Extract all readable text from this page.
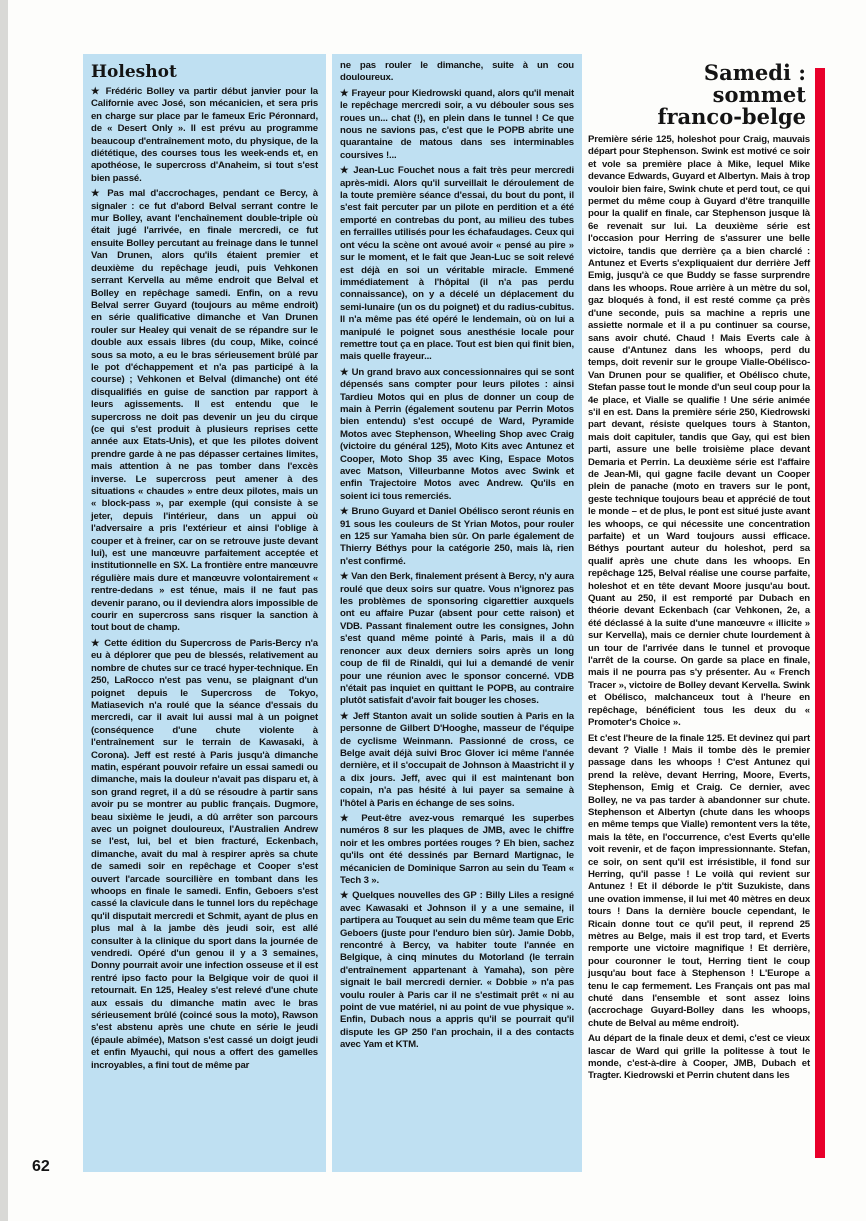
Holeshot

★ Frédéric Bolley va partir début janvier pour la Californie avec José, son mécanicien, et sera pris en charge sur place par le fameux Eric Péronnard, de « Desert Only ». Il est prévu au programme beaucoup d'entraînement moto, du physique, de la diététique, des courses tous les week-ends et, en apothéose, le supercross d'Anaheim, si tout s'est bien passé.

★ Pas mal d'accrochages, pendant ce Bercy, à signaler : ce fut d'abord Belval serrant contre le mur Bolley, avant l'enchaînement double-triple où était jugé l'arrivée, en finale mercredi, ce fut ensuite Bolley percutant au freinage dans le tunnel Van Drunen, alors qu'ils étaient premier et deuxième du repêchage jeudi, puis Vehkonen serrant Kervella au même endroit que Belval et Bolley en repêchage samedi. Enfin, on a revu Belval serrer Guyard (toujours au même endroit) en série qualificative dimanche et Van Drunen rouler sur Healey qui venait de se répandre sur le double aux essais libres (du coup, Mike, coincé sous sa moto, a eu le bras sérieusement brûlé par le pot d'échappement et n'a pas participé à la course) ; Vehkonen et Belval (dimanche) ont été disqualifiés en guise de sanction par rapport à leurs agissements. Il est entendu que le supercross ne doit pas devenir un jeu du cirque (ce qui s'est produit à plusieurs reprises cette année aux Etats-Unis), et que les pilotes doivent prendre garde à ne pas dépasser certaines limites, mais attention à ne pas tomber dans l'excès inverse. Le supercross peut amener à des situations « chaudes » entre deux pilotes, mais un « block-pass », par exemple (qui consiste à se jeter, depuis l'intérieur, dans un appui où l'adversaire a pris l'extérieur et ainsi l'oblige à couper et à freiner, car on se retrouve juste devant lui), est une manœuvre parfaitement acceptée et institutionnelle en SX. La frontière entre manœuvre régulière mais dure et manœuvre volontairement « rentre-dedans » est ténue, mais il ne faut pas devenir parano, ou il deviendra alors impossible de courir en supercross sans risquer la sanction à tout bout de champ.

★ Cette édition du Supercross de Paris-Bercy n'a eu à déplorer que peu de blessés, relativement au nombre de chutes sur ce tracé hyper-technique. En 250, LaRocco n'est pas venu, se plaignant d'un poignet depuis le Supercross de Tokyo, Matiasevich n'a roulé que la séance d'essais du mercredi, car il avait lui aussi mal à un poignet (conséquence d'une chute violente à l'entraînement sur le terrain de Kawasaki, à Corona). Jeff est resté à Paris jusqu'à dimanche matin, espérant pouvoir refaire un essai samedi ou dimanche, mais la douleur n'avait pas disparu et, à son grand regret, il a dû se résoudre à partir sans avoir pu se montrer au public français. Dugmore, beau sixième le jeudi, a dû arrêter son parcours avec un poignet douloureux, l'Australien Andrew se l'est, lui, bel et bien fracturé, Eckenbach, dimanche, avait du mal à respirer après sa chute de samedi soir en repêchage et Cooper s'est ouvert l'arcade sourcilière en tombant dans les whoops en finale le samedi. Enfin, Geboers s'est cassé la clavicule dans le tunnel lors du repêchage qu'il disputait mercredi et Schmit, ayant de plus en plus mal à la jambe dès jeudi soir, est allé consulter à la clinique du sport dans la journée de vendredi. Opéré d'un genou il y a 3 semaines, Donny pourrait avoir une infection osseuse et il est rentré ipso facto pour la Belgique voir de quoi il retournait. En 125, Healey s'est relevé d'une chute aux essais du dimanche matin avec le bras sérieusement brûlé (coincé sous la moto), Rawson s'est abstenu après une chute en série le jeudi (épaule abîmée), Matson s'est cassé un doigt jeudi et enfin Myauchi, qui nous a offert des gamelles incroyables, a fini tout de même par

ne pas rouler le dimanche, suite à un cou douloureux.

★ Frayeur pour Kiedrowski quand, alors qu'il menait le repêchage mercredi soir, a vu débouler sous ses roues un... chat (!), en plein dans le tunnel ! Ce que nous ne savions pas, c'est que le POPB abrite une quarantaine de matous dans ses interminables coursives !...

★ Jean-Luc Fouchet nous a fait très peur mercredi après-midi. Alors qu'il surveillait le déroulement de la toute première séance d'essai, du bout du pont, il s'est fait percuter par un pilote en perdition et a été emporté en contrebas du pont, au milieu des tubes en ferrailles utilisés pour les échafaudages. Ceux qui ont vécu la scène ont avoué avoir « pensé au pire » sur le moment, et le fait que Jean-Luc se soit relevé est déjà en soi un véritable miracle. Emmené immédiatement à l'hôpital (il n'a pas perdu connaissance), on y a décelé un déplacement du semi-lunaire (un os du poignet) et du radius-cubitus. Il n'a même pas été opéré le lendemain, où on lui a manipulé le poignet sous anesthésie locale pour remettre tout ça en place. Tout est bien qui finit bien, mais quelle frayeur...

★ Un grand bravo aux concessionnaires qui se sont dépensés sans compter pour leurs pilotes : ainsi Tardieu Motos qui en plus de donner un coup de main à Perrin (également soutenu par Perrin Motos bien entendu) s'est occupé de Ward, Pyramide Motos avec Stephenson, Wheeling Shop avec Craig (victoire du général 125), Moto Kits avec Antunez et Cooper, Moto Shop 35 avec King, Espace Motos avec Matson, Villeurbanne Motos avec Swink et enfin Trajectoire Motos avec Andrew. Qu'ils en soient ici tous remerciés.

★ Bruno Guyard et Daniel Obélisco seront réunis en 91 sous les couleurs de St Yrian Motos, pour rouler en 125 sur Yamaha bien sûr. On parle également de Thierry Béthys pour la catégorie 250, mais là, rien n'est confirmé.

★ Van den Berk, finalement présent à Bercy, n'y aura roulé que deux soirs sur quatre. Vous n'ignorez pas les problèmes de sponsoring cigarettier auxquels ont eu affaire Puzar (absent pour cette raison) et VDB. Passant finalement outre les consignes, John s'est quand même pointé à Paris, mais il a dû renoncer aux deux derniers soirs après un long coup de fil de Rinaldi, qui lui a demandé de venir pour une réunion avec le sponsor concerné. VDB n'était pas inquiet en quittant le POPB, au contraire plutôt satisfait d'avoir fait bouger les choses.

★ Jeff Stanton avait un solide soutien à Paris en la personne de Gilbert D'Hooghe, masseur de l'équipe de cyclisme Weinmann. Passionné de cross, ce Belge avait déjà suivi Broc Glover ici même l'année dernière, et il s'occupait de Johnson à Maastricht il y a dix jours. Jeff, avec qui il est maintenant bon copain, n'a pas hésité à lui payer sa semaine à l'hôtel à Paris en échange de ses soins.

★ Peut-être avez-vous remarqué les superbes numéros 8 sur les plaques de JMB, avec le chiffre noir et les ombres portées rouges ? Eh bien, sachez qu'ils ont été dessinés par Bernard Martignac, le mécanicien de Dominique Sarron au sein du Team « Tech 3 ».

★ Quelques nouvelles des GP : Billy Liles a resigné avec Kawasaki et Johnson il y a une semaine, il partipera au Touquet au sein du même team que Eric Geboers (juste pour l'enduro bien sûr). Jamie Dobb, rencontré à Bercy, va habiter toute l'année en Belgique, à cinq minutes du Motorland (le terrain d'entraînement appartenant à Yamaha), son père signait le bail mercredi dernier. « Dobbie » n'a pas voulu rouler à Paris car il ne s'estimait prêt « ni au point de vue matériel, ni au point de vue physique ». Enfin, Dubach nous a appris qu'il se pourrait qu'il dispute les GP 250 l'an prochain, il a des contacts avec Yam et KTM.

Samedi :
sommet
franco-belge

Première série 125, holeshot pour Craig, mauvais départ pour Stephenson. Swink est motivé ce soir et vole sa première place à Mike, lequel Mike devance Edwards, Guyard et Albertyn. Mais à trop vouloir bien faire, Swink chute et perd tout, ce qui permet du même coup à Guyard d'être tranquille pour la qualif en finale, car Stephenson jusque là 6e revenait sur lui. La deuxième série est l'occasion pour Herring de s'assurer une belle victoire, tandis que derrière ça a bien charclé : Antunez et Everts s'expliquaient dur derrière Jeff Emig, jusqu'à ce que Buddy se fasse surprendre dans les whoops. Roue arrière à un mètre du sol, gaz bloqués à fond, il est resté comme ça près d'une seconde, puis sa machine a repris une assiette normale et il a pu continuer sa course, sans avoir chuté. Chaud ! Mais Everts cale à cause d'Antunez dans les whoops, perd du temps, doit revenir sur le groupe Vialle-Obélisco-Van Drunen pour se qualifier, et Obélisco chute, Stefan passe tout le monde d'un seul coup pour la 4e place, et Vialle se qualifie ! Une série animée s'il en est. Dans la première série 250, Kiedrowski part devant, résiste quelques tours à Stanton, mais doit capituler, tandis que Gay, qui est bien parti, assure une belle troisième place devant Demaria et Perrin. La deuxième série est l'affaire de Jean-Mi, qui gagne facile devant un Cooper plein de panache (moto en travers sur le pont, geste technique toujours beau et apprécié de tout le monde – et de plus, le pont est situé juste avant les whoops, ce qui nécessite une concentration parfaite) et un Ward toujours aussi efficace. Béthys pourtant auteur du holeshot, perd sa qualif après une chute dans les whoops. En repêchage 125, Belval réalise une course parfaite, holeshot et en tête devant Moore jusqu'au bout. Quant au 250, il est remporté par Dubach en théorie devant Eckenbach (car Vehkonen, 2e, a été déclassé à la suite d'une manœuvre « illicite » sur Kervella), mais ce dernier chute lourdement à un tour de l'arrivée dans le tunnel et provoque l'arrêt de la course. On garde sa place en finale, mais il ne pourra pas s'y présenter. Au « French Tracer », victoire de Bolley devant Kervella. Swink et Obélisco, malchanceux tout à l'heure en repêchage, bénéficient tous les deux du « Promoter's Choice ».

Et c'est l'heure de la finale 125. Et devinez qui part devant ? Vialle ! Mais il tombe dès le premier passage dans les whoops ! C'est Antunez qui prend la relève, devant Herring, Moore, Everts, Stephenson, Emig et Craig. Ce dernier, avec Bolley, ne va pas tarder à abandonner sur chute. Stephenson et Albertyn (chute dans les whoops en même temps que Vialle) remontent vers la tête, mais la tête, en l'occurrence, c'est Everts qu'elle voit revenir, et de façon impressionnante. Stefan, ce soir, on sent qu'il est irrésistible, il fond sur Herring, qu'il passe ! Le voilà qui revient sur Antunez ! Et il déborde le p'tit Suzukiste, dans une ovation immense, il lui met 40 mètres en deux tours ! Dans la dernière boucle cependant, le Ricain donne tout ce qu'il peut, il reprend 25 mètres au Belge, mais il est trop tard, et Everts remporte une victoire magnifique ! Et derrière, pour couronner le tout, Herring tient le coup jusqu'au bout face à Stephenson ! L'Europe a tenu le cap fermement. Les Français ont pas mal chuté dans l'ensemble et sont assez loins (accrochage Guyard-Bolley dans les whoops, chute de Belval au même endroit).

Au départ de la finale deux et demi, c'est ce vieux lascar de Ward qui grille la politesse à tout le monde, c'est-à-dire à Cooper, JMB, Dubach et Tragter. Kiedrowski et Perrin chutent dans les

62
